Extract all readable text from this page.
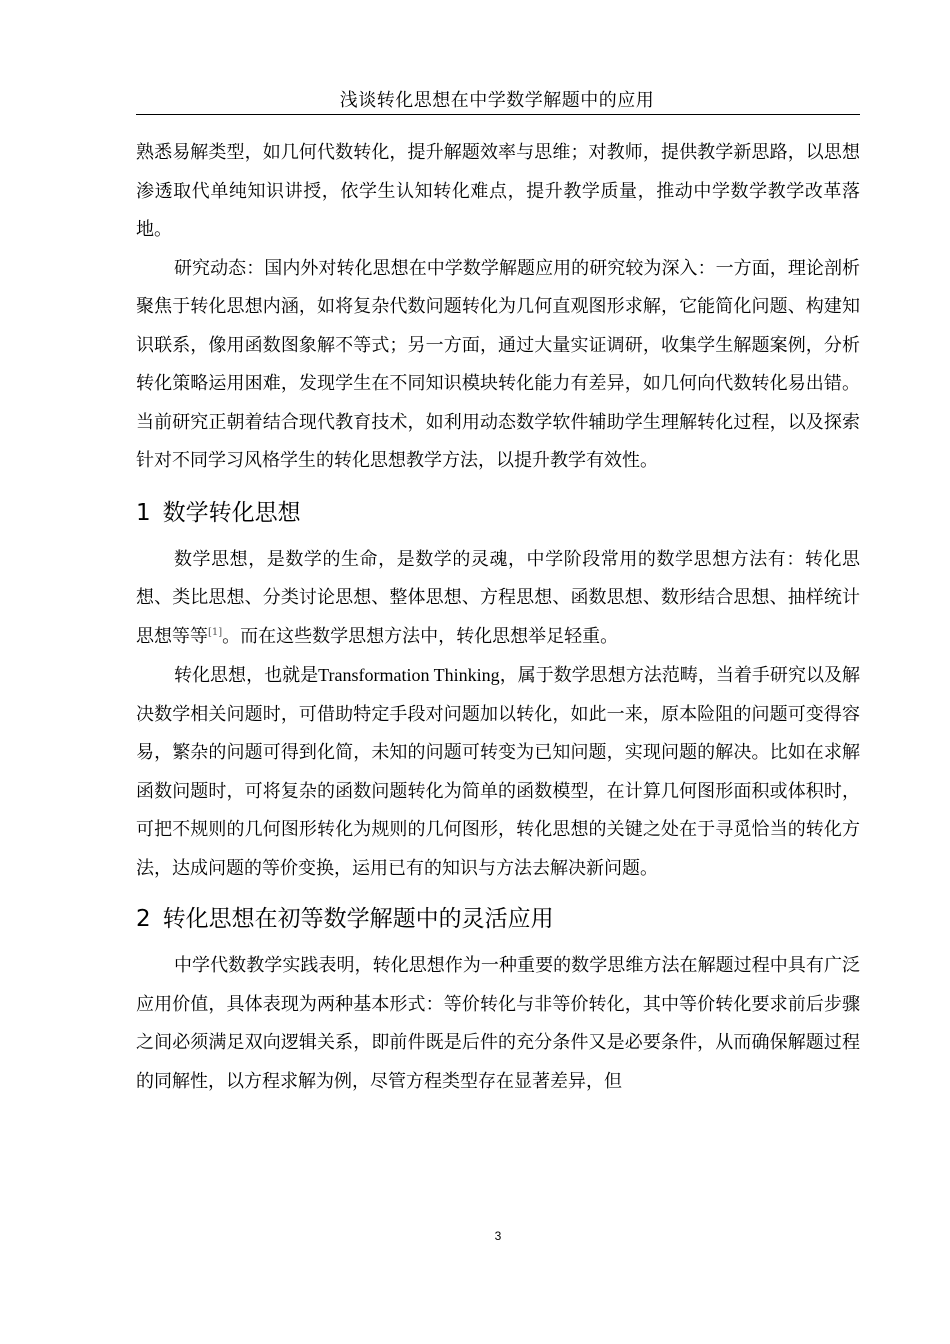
浅谈转化思想在中学数学解题中的应用

熟悉易解类型，如几何代数转化，提升解题效率与思维；对教师，提供教学新思路，以思想渗透取代单纯知识讲授，依学生认知转化难点，提升教学质量，推动中学数学教学改革落地。

研究动态：国内外对转化思想在中学数学解题应用的研究较为深入：一方面，理论剖析聚焦于转化思想内涵，如将复杂代数问题转化为几何直观图形求解，它能简化问题、构建知识联系，像用函数图象解不等式；另一方面，通过大量实证调研，收集学生解题案例，分析转化策略运用困难，发现学生在不同知识模块转化能力有差异，如几何向代数转化易出错。当前研究正朝着结合现代教育技术，如利用动态数学软件辅助学生理解转化过程，以及探索针对不同学习风格学生的转化思想教学方法，以提升教学有效性。

1 数学转化思想

数学思想，是数学的生命，是数学的灵魂，中学阶段常用的数学思想方法有：转化思想、类比思想、分类讨论思想、整体思想、方程思想、函数思想、数形结合思想、抽样统计思想等等[1]。而在这些数学思想方法中，转化思想举足轻重。

转化思想，也就是Transformation Thinking，属于数学思想方法范畴，当着手研究以及解决数学相关问题时，可借助特定手段对问题加以转化，如此一来，原本险阻的问题可变得容易，繁杂的问题可得到化简，未知的问题可转变为已知问题，实现问题的解决。比如在求解函数问题时，可将复杂的函数问题转化为简单的函数模型，在计算几何图形面积或体积时，可把不规则的几何图形转化为规则的几何图形，转化思想的关键之处在于寻觅恰当的转化方法，达成问题的等价变换，运用已有的知识与方法去解决新问题。

2 转化思想在初等数学解题中的灵活应用

中学代数教学实践表明，转化思想作为一种重要的数学思维方法在解题过程中具有广泛应用价值，具体表现为两种基本形式：等价转化与非等价转化，其中等价转化要求前后步骤之间必须满足双向逻辑关系，即前件既是后件的充分条件又是必要条件，从而确保解题过程的同解性，以方程求解为例，尽管方程类型存在显著差异，但

3
